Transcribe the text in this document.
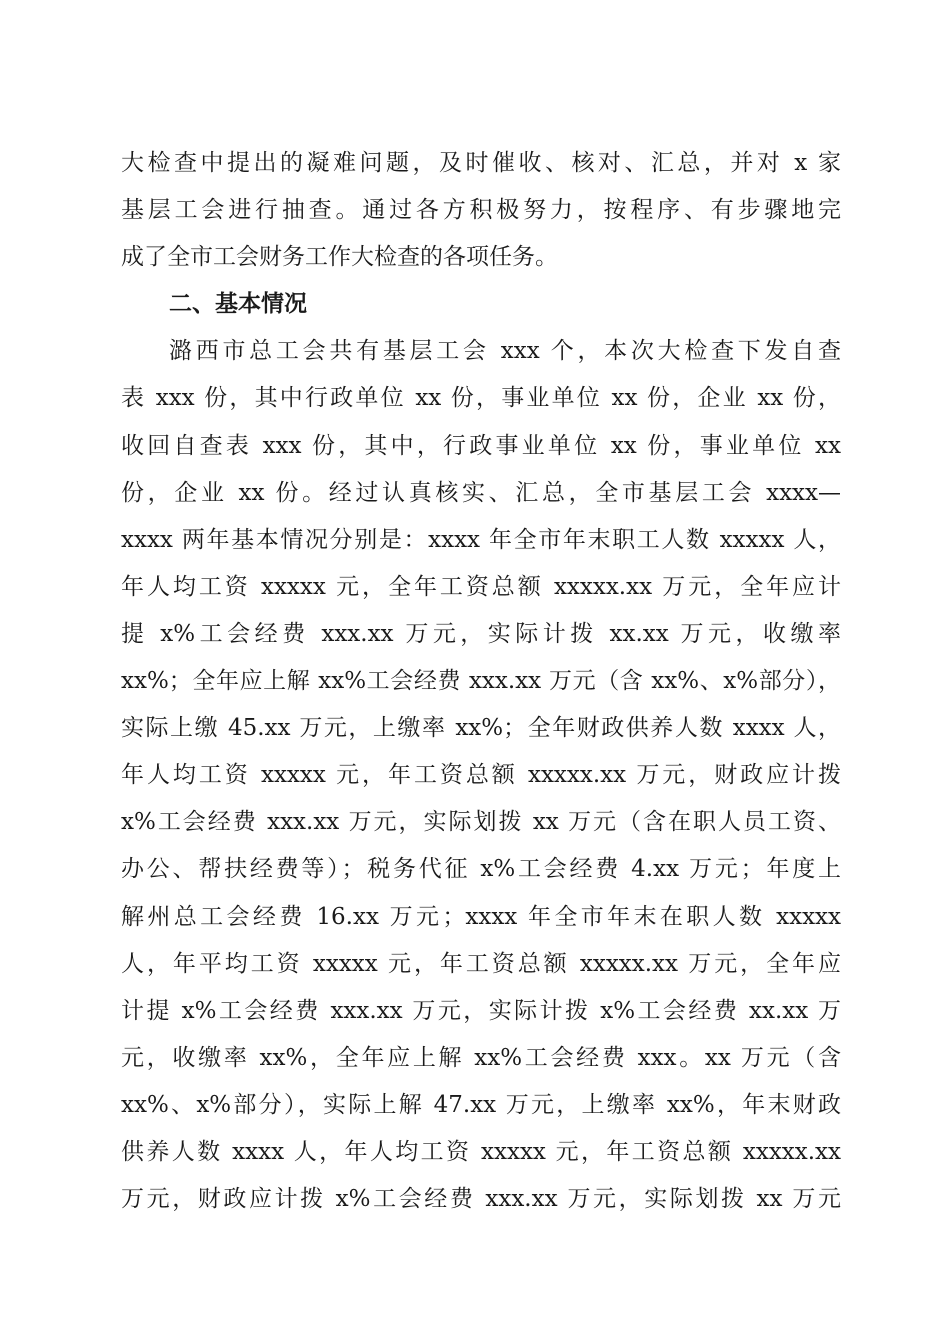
大检查中提出的凝难问题，及时催收、核对、汇总，并对 x 家
基层工会进行抽查。通过各方积极努力，按程序、有步骤地完
成了全市工会财务工作大检查的各项任务。
二、基本情况
潞西市总工会共有基层工会 xxx 个，本次大检查下发自查
表 xxx 份，其中行政单位 xx 份，事业单位 xx 份，企业 xx 份，
收回自查表 xxx 份，其中，行政事业单位 xx 份，事业单位 xx
份，企业 xx 份。经过认真核实、汇总，全市基层工会 xxxx—
xxxx 两年基本情况分别是：xxxx 年全市年末职工人数 xxxxx 人，
年人均工资 xxxxx 元，全年工资总额 xxxxx.xx 万元，全年应计
提 x%工会经费 xxx.xx 万元，实际计拨 xx.xx 万元，收缴率
xx%；全年应上解 xx%工会经费 xxx.xx 万元（含 xx%、x%部分），
实际上缴 45.xx 万元，上缴率 xx%；全年财政供养人数 xxxx 人，
年人均工资 xxxxx 元，年工资总额 xxxxx.xx 万元，财政应计拨
x%工会经费 xxx.xx 万元，实际划拨 xx 万元（含在职人员工资、
办公、帮扶经费等）；税务代征 x%工会经费 4.xx 万元；年度上
解州总工会经费 16.xx 万元；xxxx 年全市年末在职人数 xxxxx
人，年平均工资 xxxxx 元，年工资总额 xxxxx.xx 万元，全年应
计提 x%工会经费 xxx.xx 万元，实际计拨 x%工会经费 xx.xx 万
元，收缴率 xx%，全年应上解 xx%工会经费 xxx。xx 万元（含
xx%、x%部分），实际上解 47.xx 万元，上缴率 xx%，年末财政
供养人数 xxxx 人，年人均工资 xxxxx 元，年工资总额 xxxxx.xx
万元，财政应计拨 x%工会经费 xxx.xx 万元，实际划拨 xx 万元
